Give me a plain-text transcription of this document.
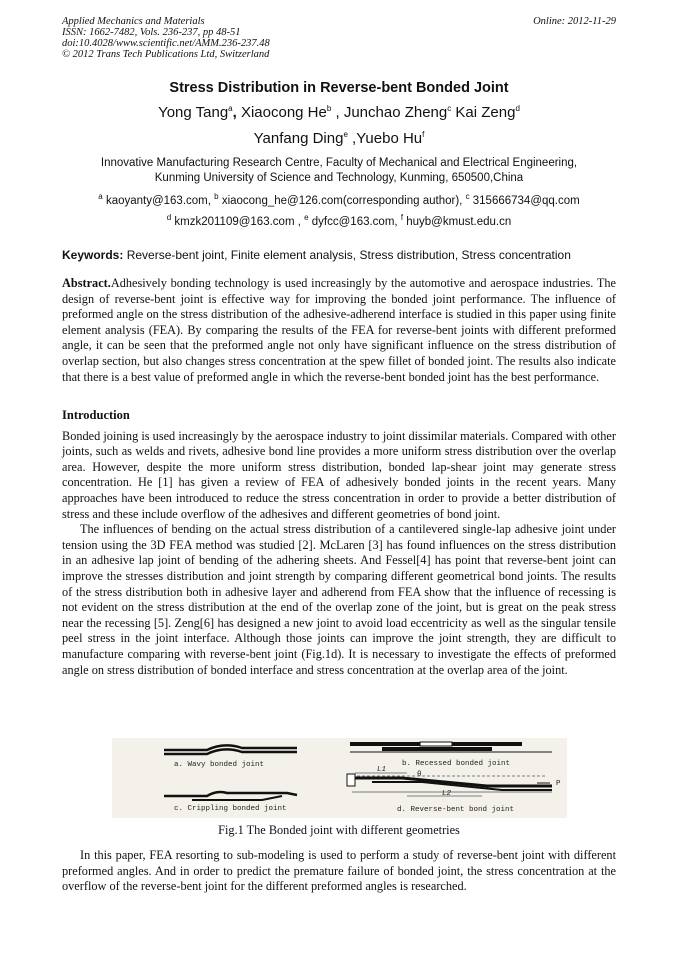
Applied Mechanics and Materials
ISSN: 1662-7482, Vols. 236-237, pp 48-51
doi:10.4028/www.scientific.net/AMM.236-237.48
© 2012 Trans Tech Publications Ltd, Switzerland
Online: 2012-11-29
Stress Distribution in Reverse-bent Bonded Joint
Yong Tang$^a$, Xiaocong He$^b$ , Junchao Zheng$^c$ Kai Zeng$^d$
Yanfang Ding$^e$ ,Yuebo Hu$^f$
Innovative Manufacturing Research Centre, Faculty of Mechanical and Electrical Engineering,
Kunming University of Science and Technology, Kunming, 650500,China
$^a$ kaoyanty@163.com, $^b$ xiaocong_he@126.com(corresponding author), $^c$ 315666734@qq.com
$^d$ kmzk201109@163.com , $^e$ dyfcc@163.com, $^f$ huyb@kmust.edu.cn
Keywords: Reverse-bent joint, Finite element analysis, Stress distribution, Stress concentration

Abstract.Adhesively bonding technology is used increasingly by the automotive and aerospace industries. The design of reverse-bent joint is effective way for improving the bonded joint performance. The influence of preformed angle on the stress distribution of the adhesive-adherend interface is studied in this paper using finite element analysis (FEA). By comparing the results of the FEA for reverse-bent joints with different preformed angle, it can be seen that the preformed angle not only have significant influence on the stress distribution of overlap section, but also changes stress concentration at the spew fillet of bonded joint. The results also indicate that there is a best value of preformed angle in which the reverse-bent bonded joint has the best performance.

Introduction

Bonded joining is used increasingly by the aerospace industry to joint dissimilar materials. Compared with other joints, such as welds and rivets, adhesive bond line provides a more uniform stress distribution over the overlap area. However, despite the more uniform stress distribution, bonded lap-shear joint may generate stress concentration. He [1] has given a review of FEA of adhesively bonded joints in the recent years. Many approaches have been introduced to reduce the stress concentration in order to provide a better distribution of stress and these include overflow of the adhesives and different geometries of bond joint.

The influences of bending on the actual stress distribution of a cantilevered single-lap adhesive joint under tension using the 3D FEA method was studied [2]. McLaren [3] has found influences on the stress distribution in an adhesive lap joint of bending of the adhering sheets. And Fessel[4] has point that reverse-bent joint can improve the stresses distribution and joint strength by comparing different geometrical bond joints. The results of the stress distribution both in adhesive layer and adherend from FEA show that the influence of recessing is not evident on the stress distribution at the end of the overlap zone of the joint, but is great on the peak stress near the recessing [5]. Zeng[6] has designed a new joint to avoid load eccentricity as well as the singular tensile peel stress in the joint interface. Although those joints can improve the joint strength, they are difficult to manufacture comparing with reverse-bent joint (Fig.1d). It is necessary to investigate the effects of preformed angle on stress distribution of bonded interface and stress concentration at the overlap area of the joint.

a. Wavy bonded joint	b. Recessed bonded joint
c. Crippling bonded joint	d. Reverse-bent bond joint
L1
L2
θ
P
Fig.1 The Bonded joint with different geometries

In this paper, FEA resorting to sub-modeling is used to perform a study of reverse-bent joint with different preformed angles. And in order to predict the premature failure of bonded joint, the stress concentration at the overflow of the reverse-bent joint for the different preformed angles is researched.
